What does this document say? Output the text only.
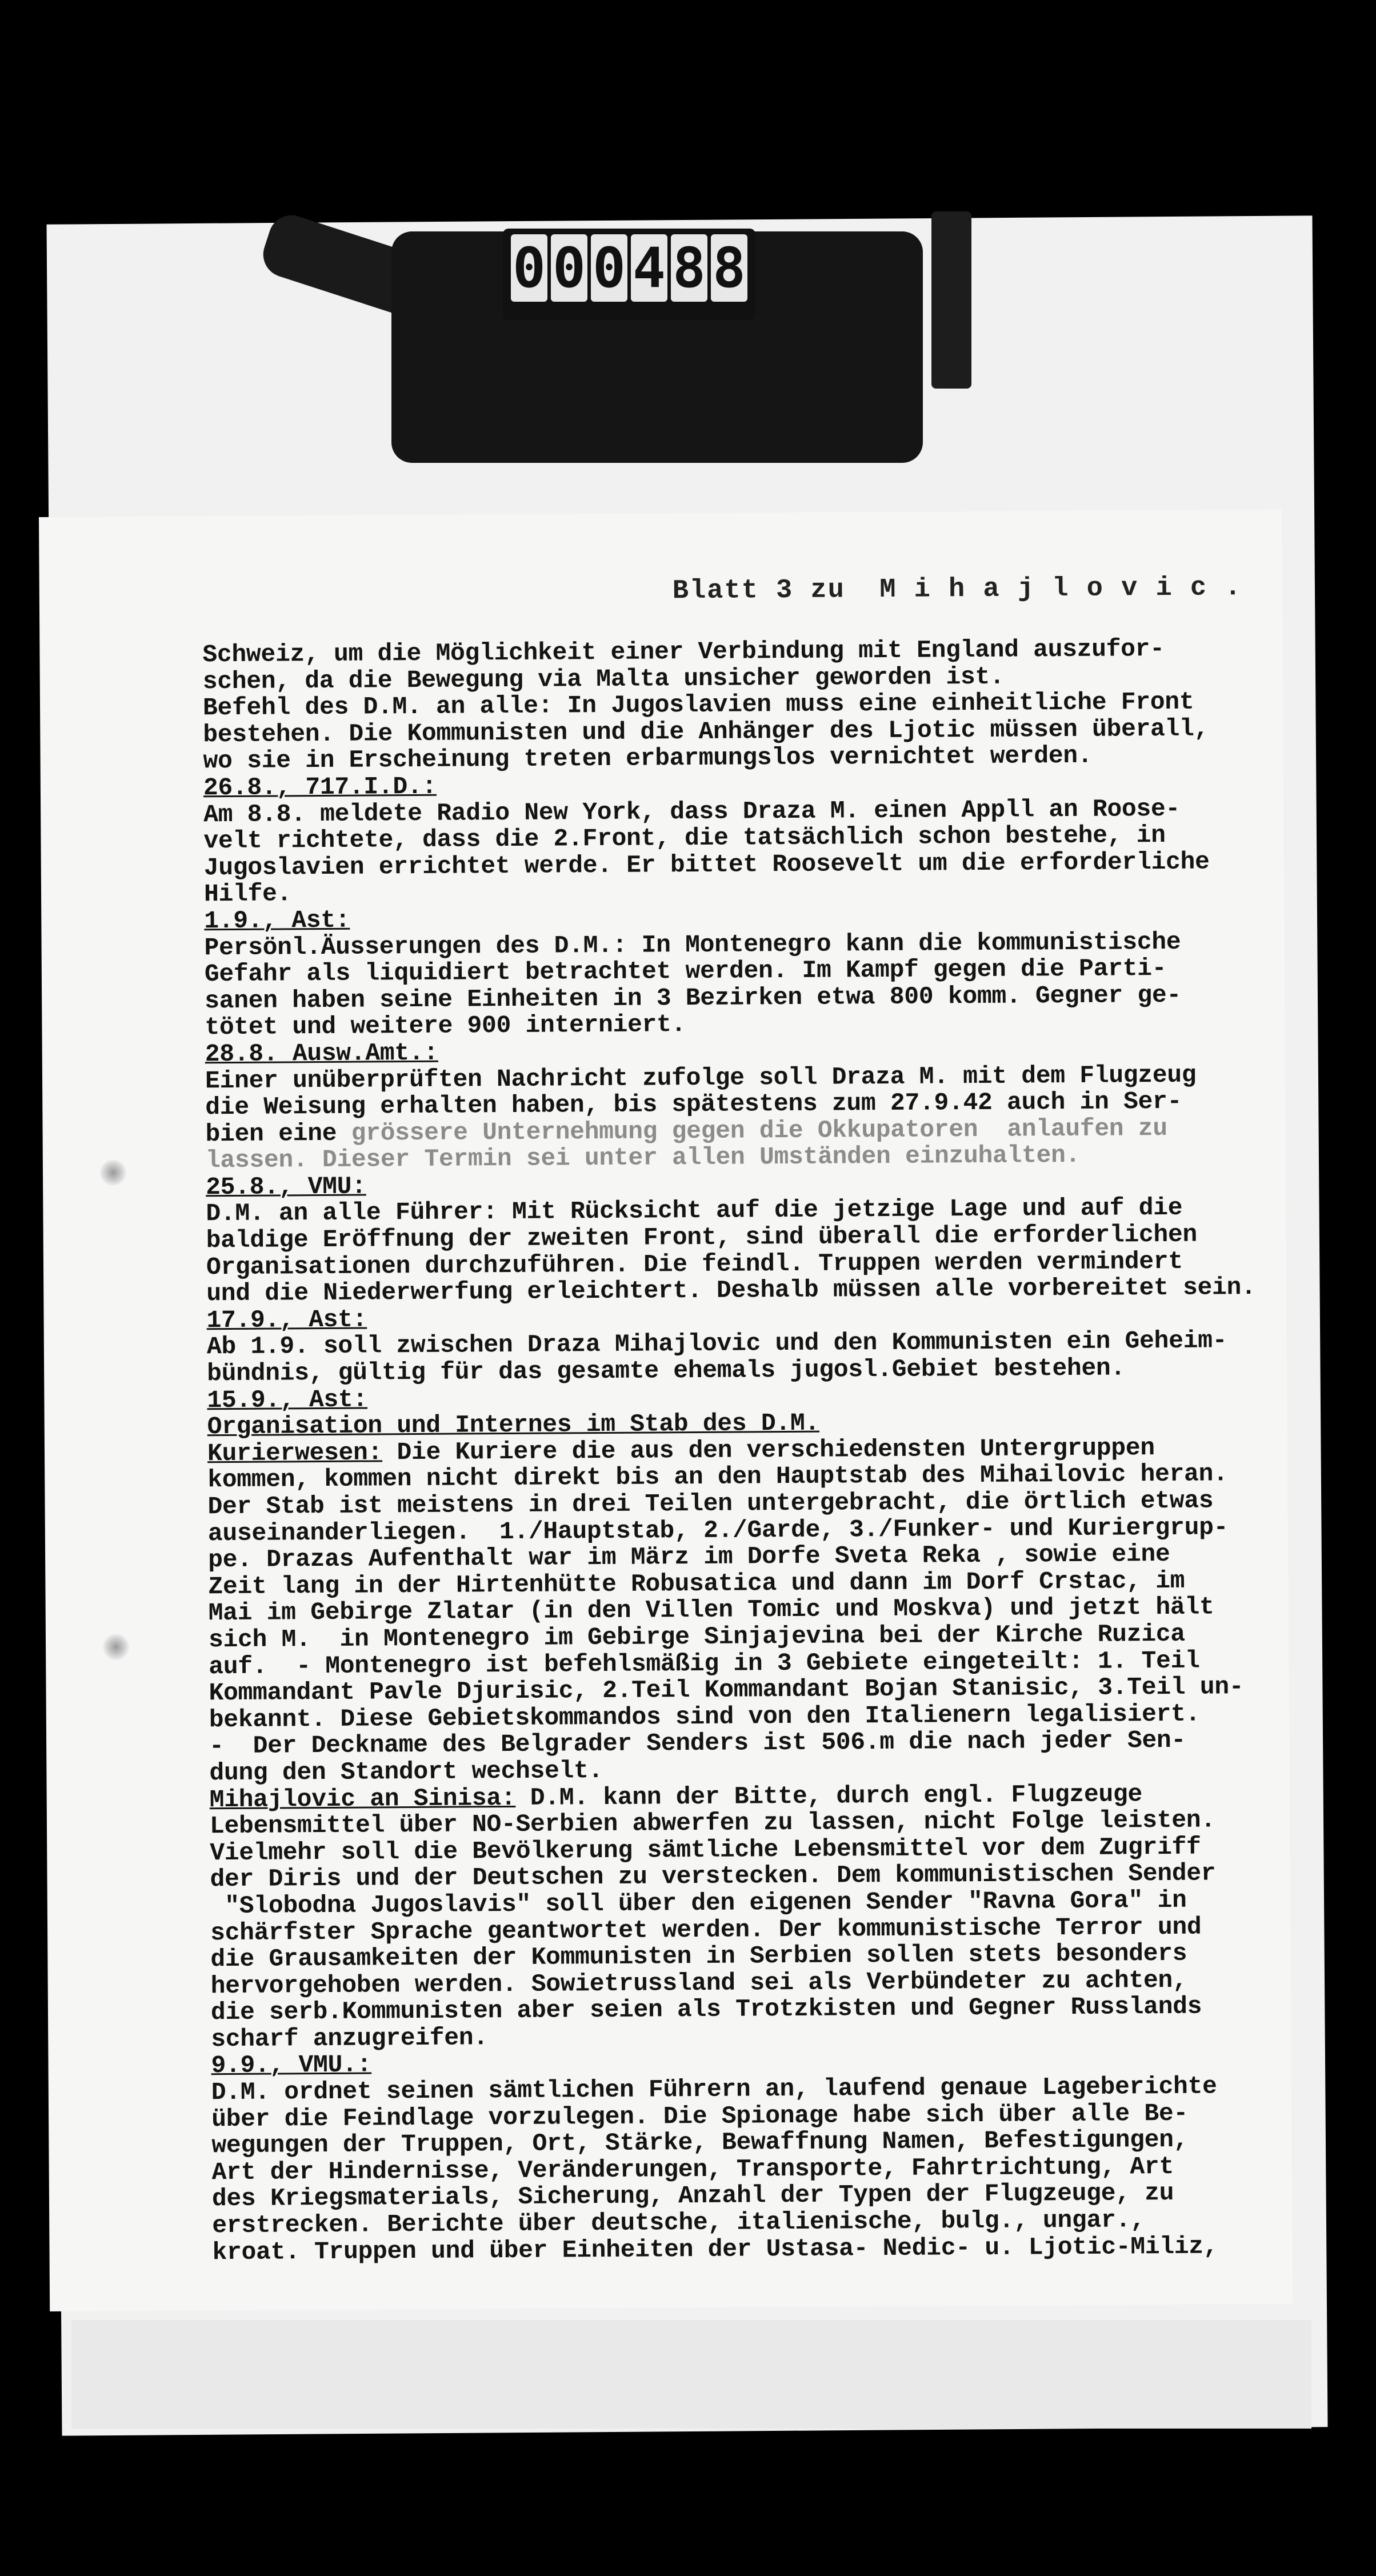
0 0 0 4 8 8
Blatt 3 zu  M i h a j l o v i c .
Schweiz, um die Möglichkeit einer Verbindung mit England auszufor-
schen, da die Bewegung via Malta unsicher geworden ist.
Befehl des D.M. an alle: In Jugoslavien muss eine einheitliche Front
bestehen. Die Kommunisten und die Anhänger des Ljotic müssen überall,
wo sie in Erscheinung treten erbarmungslos vernichtet werden.
26.8., 717.I.D.:
Am 8.8. meldete Radio New York, dass Draza M. einen Appll an Roose-
velt richtete, dass die 2.Front, die tatsächlich schon bestehe, in
Jugoslavien errichtet werde. Er bittet Roosevelt um die erforderliche
Hilfe.
1.9., Ast:
Persönl.Äusserungen des D.M.: In Montenegro kann die kommunistische
Gefahr als liquidiert betrachtet werden. Im Kampf gegen die Parti-
sanen haben seine Einheiten in 3 Bezirken etwa 800 komm. Gegner ge-
tötet und weitere 900 interniert.
28.8. Ausw.Amt.:
Einer unüberprüften Nachricht zufolge soll Draza M. mit dem Flugzeug
die Weisung erhalten haben, bis spätestens zum 27.9.42 auch in Ser-
bien eine grössere Unternehmung gegen die Okkupatoren  anlaufen zu
lassen. Dieser Termin sei unter allen Umständen einzuhalten.
25.8., VMU:
D.M. an alle Führer: Mit Rücksicht auf die jetzige Lage und auf die
baldige Eröffnung der zweiten Front, sind überall die erforderlichen
Organisationen durchzuführen. Die feindl. Truppen werden vermindert
und die Niederwerfung erleichtert. Deshalb müssen alle vorbereitet sein.
17.9., Ast:
Ab 1.9. soll zwischen Draza Mihajlovic und den Kommunisten ein Geheim-
bündnis, gültig für das gesamte ehemals jugosl.Gebiet bestehen.
15.9., Ast:
Organisation und Internes im Stab des D.M.
Kurierwesen: Die Kuriere die aus den verschiedensten Untergruppen
kommen, kommen nicht direkt bis an den Hauptstab des Mihailovic heran.
Der Stab ist meistens in drei Teilen untergebracht, die örtlich etwas
auseinanderliegen.  1./Hauptstab, 2./Garde, 3./Funker- und Kuriergrup-
pe. Drazas Aufenthalt war im März im Dorfe Sveta Reka , sowie eine
Zeit lang in der Hirtenhütte Robusatica und dann im Dorf Crstac, im
Mai im Gebirge Zlatar (in den Villen Tomic und Moskva) und jetzt hält
sich M.  in Montenegro im Gebirge Sinjajevina bei der Kirche Ruzica
auf.  - Montenegro ist befehlsmäßig in 3 Gebiete eingeteilt: 1. Teil
Kommandant Pavle Djurisic, 2.Teil Kommandant Bojan Stanisic, 3.Teil un-
bekannt. Diese Gebietskommandos sind von den Italienern legalisiert.
-  Der Deckname des Belgrader Senders ist 506.m die nach jeder Sen-
dung den Standort wechselt.
Mihajlovic an Sinisa: D.M. kann der Bitte, durch engl. Flugzeuge
Lebensmittel über NO-Serbien abwerfen zu lassen, nicht Folge leisten.
Vielmehr soll die Bevölkerung sämtliche Lebensmittel vor dem Zugriff
der Diris und der Deutschen zu verstecken. Dem kommunistischen Sender
"Slobodna Jugoslavis" soll über den eigenen Sender "Ravna Gora" in
schärfster Sprache geantwortet werden. Der kommunistische Terror und
die Grausamkeiten der Kommunisten in Serbien sollen stets besonders
hervorgehoben werden. Sowietrussland sei als Verbündeter zu achten,
die serb.Kommunisten aber seien als Trotzkisten und Gegner Russlands
scharf anzugreifen.
9.9., VMU.:
D.M. ordnet seinen sämtlichen Führern an, laufend genaue Lageberichte
über die Feindlage vorzulegen. Die Spionage habe sich über alle Be-
wegungen der Truppen, Ort, Stärke, Bewaffnung Namen, Befestigungen,
Art der Hindernisse, Veränderungen, Transporte, Fahrtrichtung, Art
des Kriegsmaterials, Sicherung, Anzahl der Typen der Flugzeuge, zu
erstrecken. Berichte über deutsche, italienische, bulg., ungar.,
kroat. Truppen und über Einheiten der Ustasa- Nedic- u. Ljotic-Miliz,
